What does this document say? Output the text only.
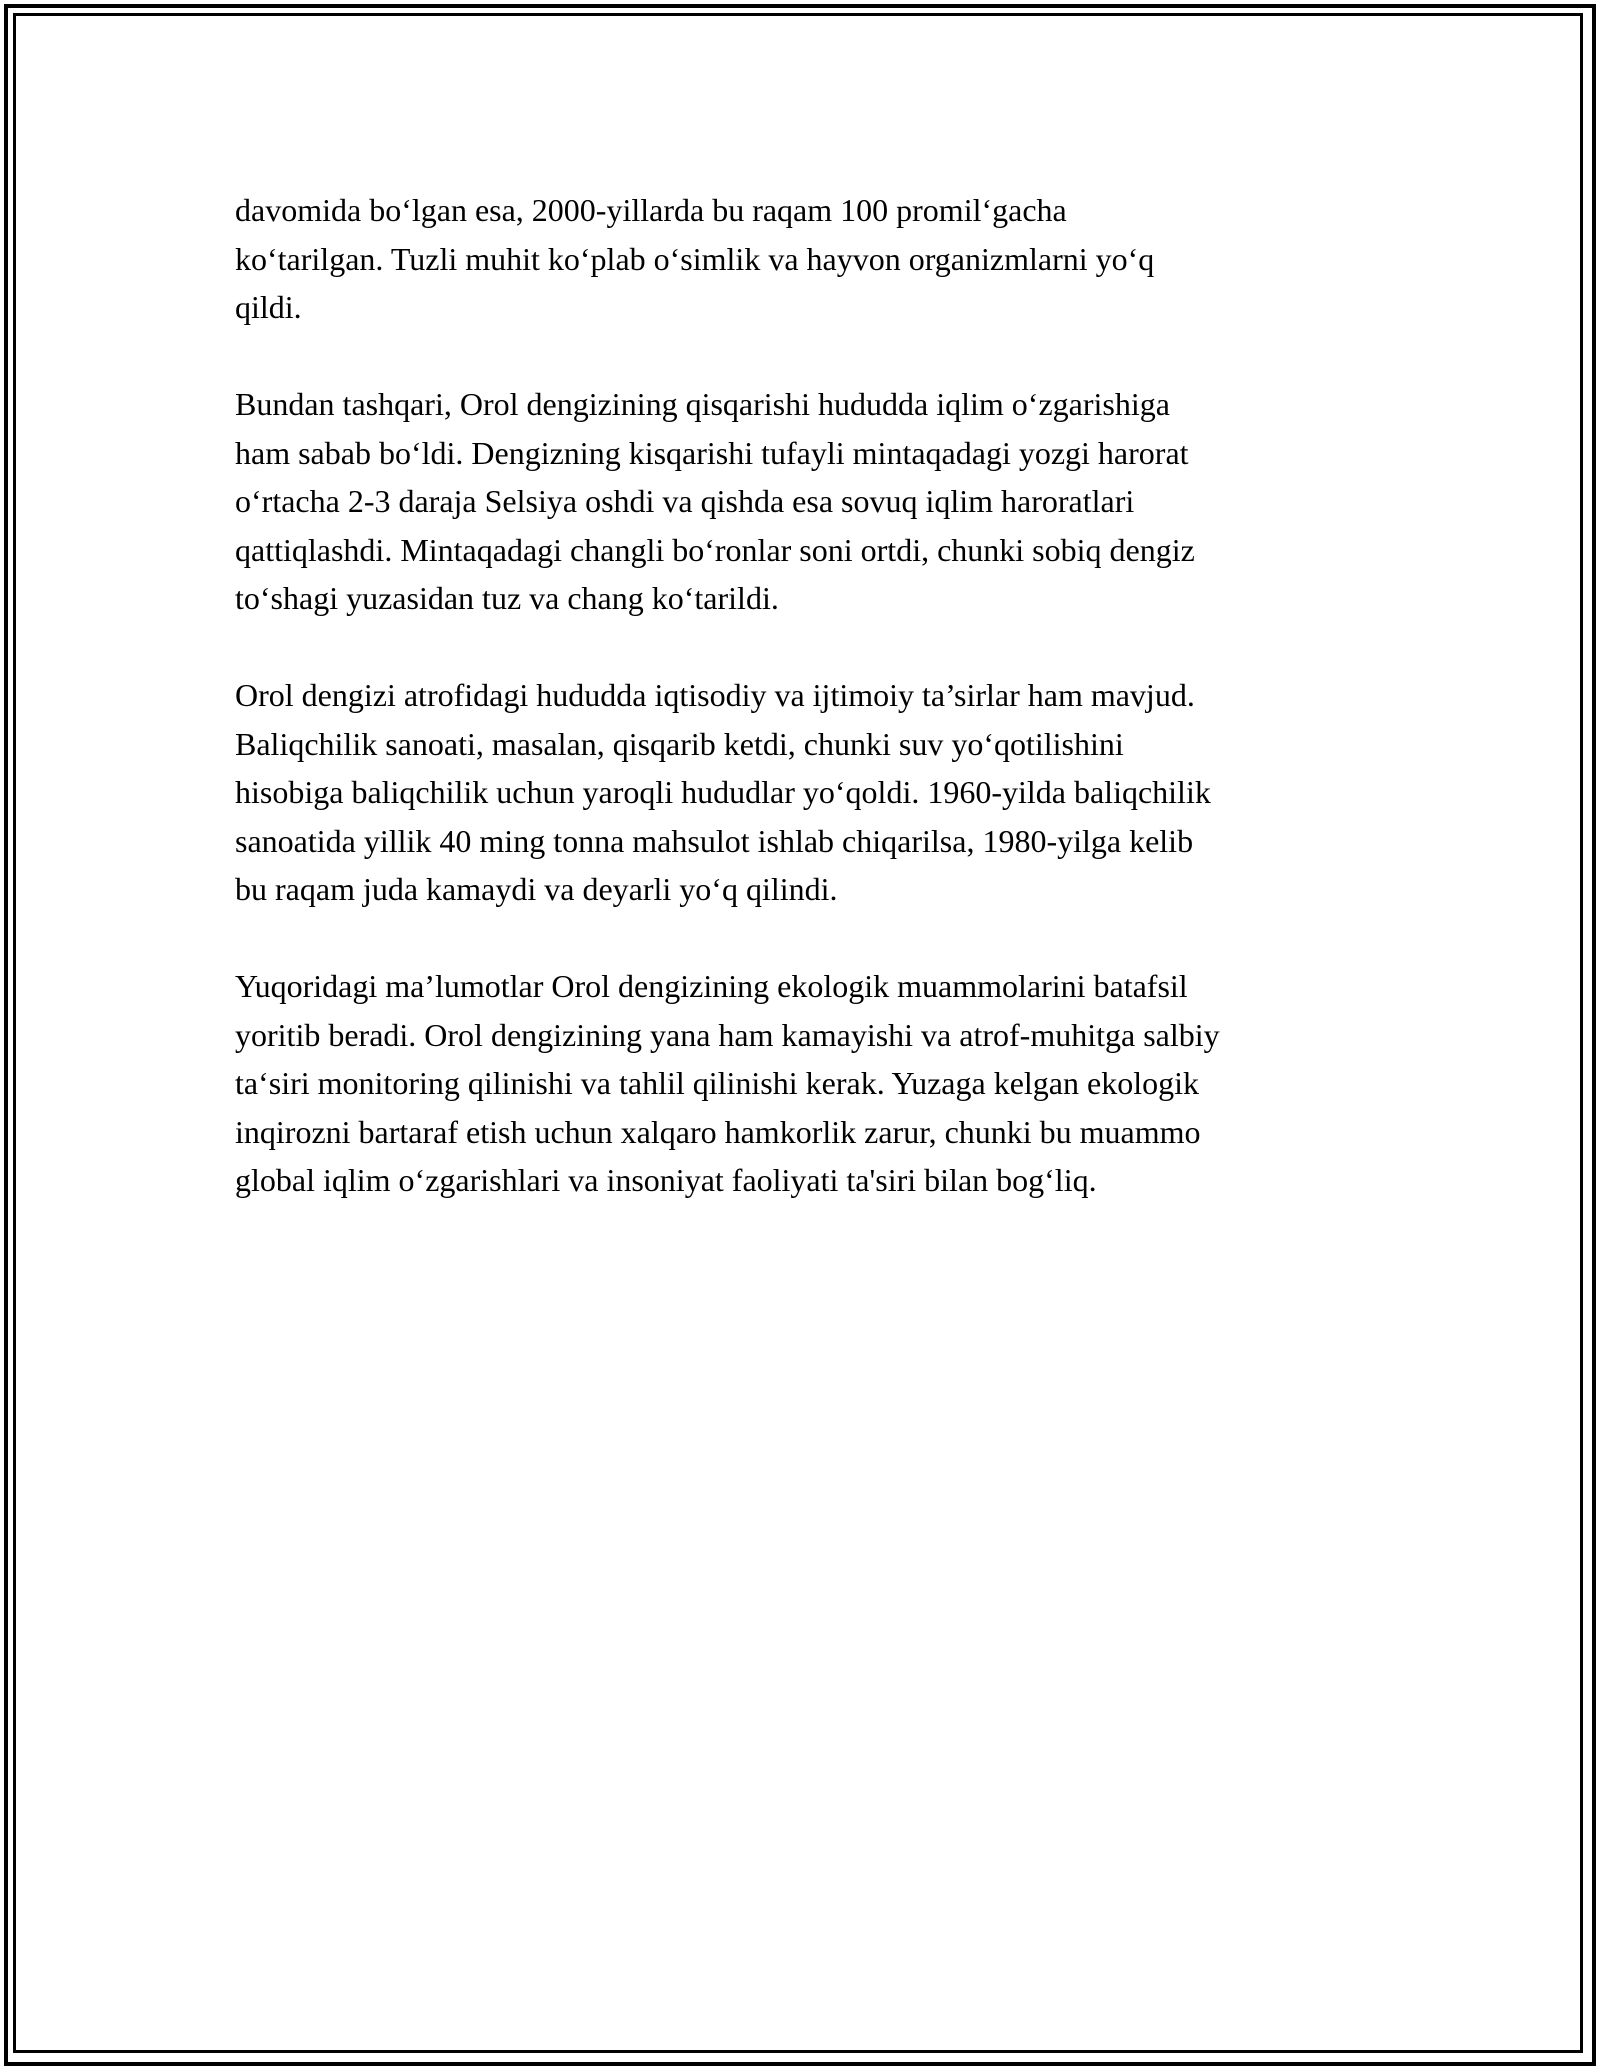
davomida bo‘lgan esa, 2000-yillarda bu raqam 100 promil‘gacha
ko‘tarilgan. Tuzli muhit ko‘plab o‘simlik va hayvon organizmlarni yo‘q
qildi.

Bundan tashqari, Orol dengizining qisqarishi hududda iqlim o‘zgarishiga
ham sabab bo‘ldi. Dengizning kisqarishi tufayli mintaqadagi yozgi harorat
o‘rtacha 2-3 daraja Selsiya oshdi va qishda esa sovuq iqlim haroratlari
qattiqlashdi. Mintaqadagi changli bo‘ronlar soni ortdi, chunki sobiq dengiz
to‘shagi yuzasidan tuz va chang ko‘tarildi.

Orol dengizi atrofidagi hududda iqtisodiy va ijtimoiy ta’sirlar ham mavjud.
Baliqchilik sanoati, masalan, qisqarib ketdi, chunki suv yo‘qotilishini
hisobiga baliqchilik uchun yaroqli hududlar yo‘qoldi. 1960-yilda baliqchilik
sanoatida yillik 40 ming tonna mahsulot ishlab chiqarilsa, 1980-yilga kelib
bu raqam juda kamaydi va deyarli yo‘q qilindi.

Yuqoridagi ma’lumotlar Orol dengizining ekologik muammolarini batafsil
yoritib beradi. Orol dengizining yana ham kamayishi va atrof-muhitga salbiy
ta‘siri monitoring qilinishi va tahlil qilinishi kerak. Yuzaga kelgan ekologik
inqirozni bartaraf etish uchun xalqaro hamkorlik zarur, chunki bu muammo
global iqlim o‘zgarishlari va insoniyat faoliyati ta'siri bilan bog‘liq.
